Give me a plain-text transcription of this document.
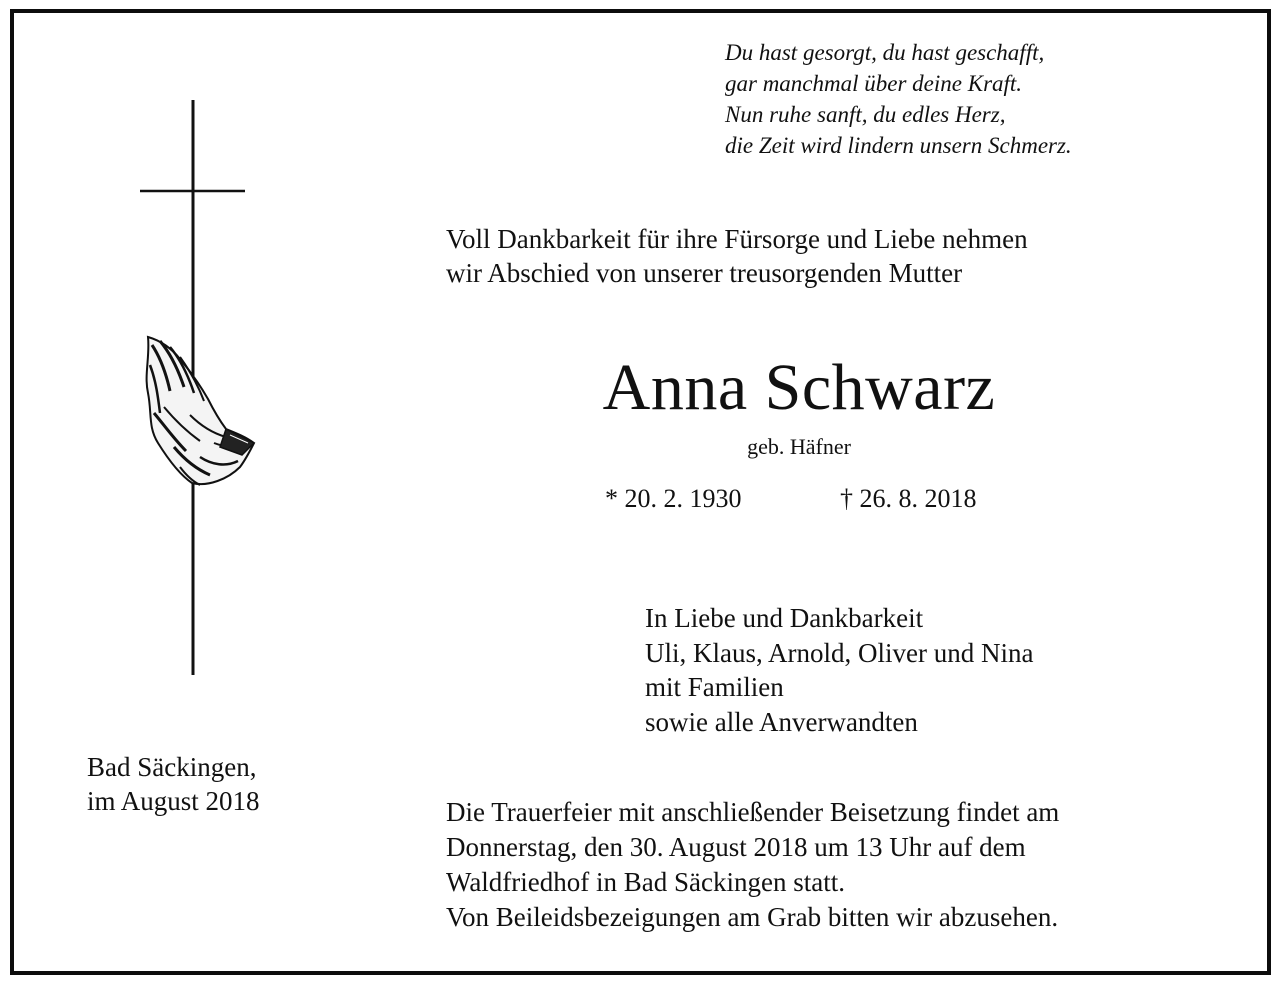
Du hast gesorgt, du hast geschafft,
gar manchmal über deine Kraft.
Nun ruhe sanft, du edles Herz,
die Zeit wird lindern unsern Schmerz.
Voll Dankbarkeit für ihre Fürsorge und Liebe nehmen
wir Abschied von unserer treusorgenden Mutter
Anna Schwarz
geb. Häfner
* 20. 2. 1930	† 26. 8. 2018
In Liebe und Dankbarkeit
Uli, Klaus, Arnold, Oliver und Nina
mit Familien
sowie alle Anverwandten
Bad Säckingen,
im August 2018	Die Trauerfeier mit anschließender Beisetzung findet am
Donnerstag, den 30. August 2018 um 13 Uhr auf dem
Waldfriedhof in Bad Säckingen statt.
Von Beileidsbezeigungen am Grab bitten wir abzusehen.
